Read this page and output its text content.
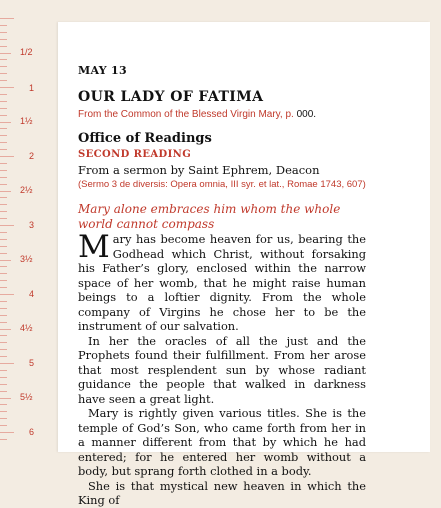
1/2
1
1½
2
2½
3
3½
4
4½
5
5½
6
MAY 13
OUR LADY OF FATIMA
From the Common of the Blessed Virgin Mary, p. 000.
Office of Readings
SECOND READING
From a sermon by Saint Ephrem, Deacon
(Sermo 3 de diversis: Opera omnia, III syr. et lat., Romae 1743, 607)
Mary alone embraces him whom the whole world cannot compass

Mary has become heaven for us, bearing the Godhead which Christ, without forsaking his Father’s glory, enclosed within the narrow space of her womb, that he might raise human beings to a loftier dignity. From the whole company of Virgins he chose her to be the instrument of our salvation.

In her the oracles of all the just and the Prophets found their fulfillment. From her arose that most resplendent sun by whose radiant guidance the people that walked in darkness have seen a great light.

Mary is rightly given various titles. She is the temple of God’s Son, who came forth from her in a manner different from that by which he had entered; for he entered her womb without a body, but sprang forth clothed in a body.

She is that mystical new heaven in which the King of
